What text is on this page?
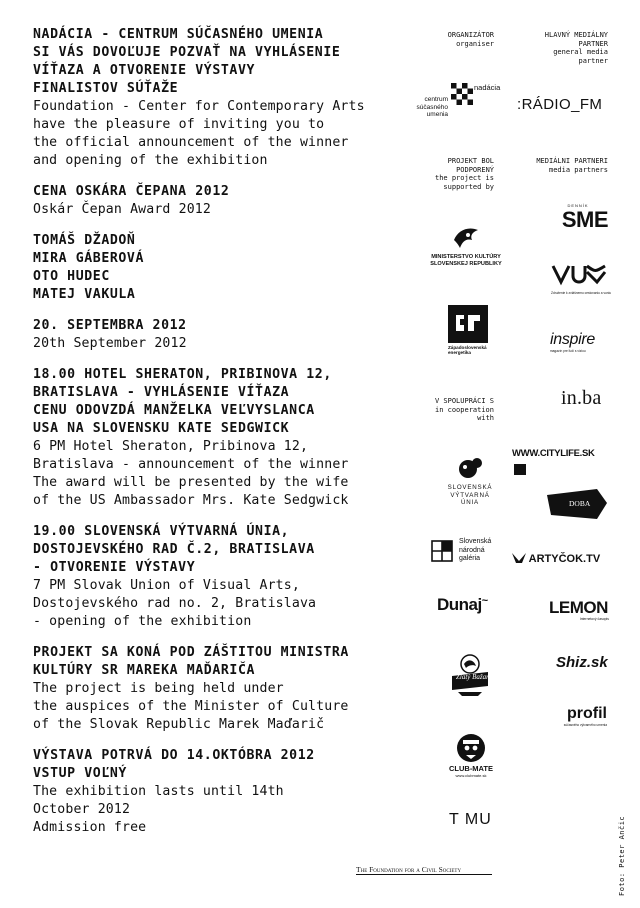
NADÁCIA - CENTRUM SÚČASNÉHO UMENIA
SI VÁS DOVOĽUJE POZVAŤ NA VYHLÁSENIE
VÍŤAZA A OTVORENIE VÝSTAVY
FINALISTOV SÚŤAŽE
Foundation - Center for Contemporary Arts
have the pleasure of inviting you to
the official announcement of the winner
and opening of the exhibition
CENA OSKÁRA ČEPANA 2012
Oskár Čepan Award 2012
TOMÁŠ DŽADOŇ
MIRA GÁBEROVÁ
OTO HUDEC
MATEJ VAKULA
20. SEPTEMBRA 2012
20th September 2012
18.00 HOTEL SHERATON, PRIBINOVA 12,
BRATISLAVA - VYHLÁSENIE VÍŤAZA
CENU ODOVZDÁ MANŽELKA VEĽVYSLANCA
USA NA SLOVENSKU KATE SEDGWICK
6 PM Hotel Sheraton, Pribinova 12,
Bratislava - announcement of the winner
The award will be presented by the wife
of the US Ambassador Mrs. Kate Sedgwick
19.00 SLOVENSKÁ VÝTVARNÁ ÚNIA,
DOSTOJEVSKÉHO RAD Č.2, BRATISLAVA
- OTVORENIE VÝSTAVY
7 PM Slovak Union of Visual Arts,
Dostojevského rad no. 2, Bratislava
- opening of the exhibition
PROJEKT SA KONÁ POD ZÁŠTITOU MINISTRA
KULTÚRY SR MAREKA MAĎARIČA
The project is being held under
the auspices of the Minister of Culture
of the Slovak Republic Marek Maďarič
VÝSTAVA POTRVÁ DO 14.OKTÓBRA 2012
VSTUP VOĽNÝ
The exhibition lasts until 14th
October 2012
Admission free
ORGANIZÁTOR
organiser
HLAVNÝ MEDIÁLNY
PARTNER
general media
partner
PROJEKT BOL
PODPORENÝ
the project is
supported by
MEDIÁLNI PARTNERI
media partners
V SPOLUPRÁCI S
in cooperation
with
nadácia
centrum
súčasného
umenia
MINISTERSTVO KULTÚRY
SLOVENSKEJ REPUBLIKY
Západoslovenská
energetika
SLOVENSKÁ
VÝTVARNÁ
ÚNIA
Slovenská
národná
galéria
Dunaj~
Zlatý Bažant
CLUB-MATE
www.clubmate.sk
T MU
The Foundation for a Civil Society
:RÁDIO_FM
DENNÍK
SME
Združenie k zvlášnemu cestovaniu a vuniu
inspire
magazín pre ľudí s víziou
in.ba
WWW.CITYLIFE.SK
DOBA
ARTYČOK.TV
LEMON
Internetový časopis
Shiz.sk
profil
súčasného výtvarného umenia
Foto: Peter Ančic
